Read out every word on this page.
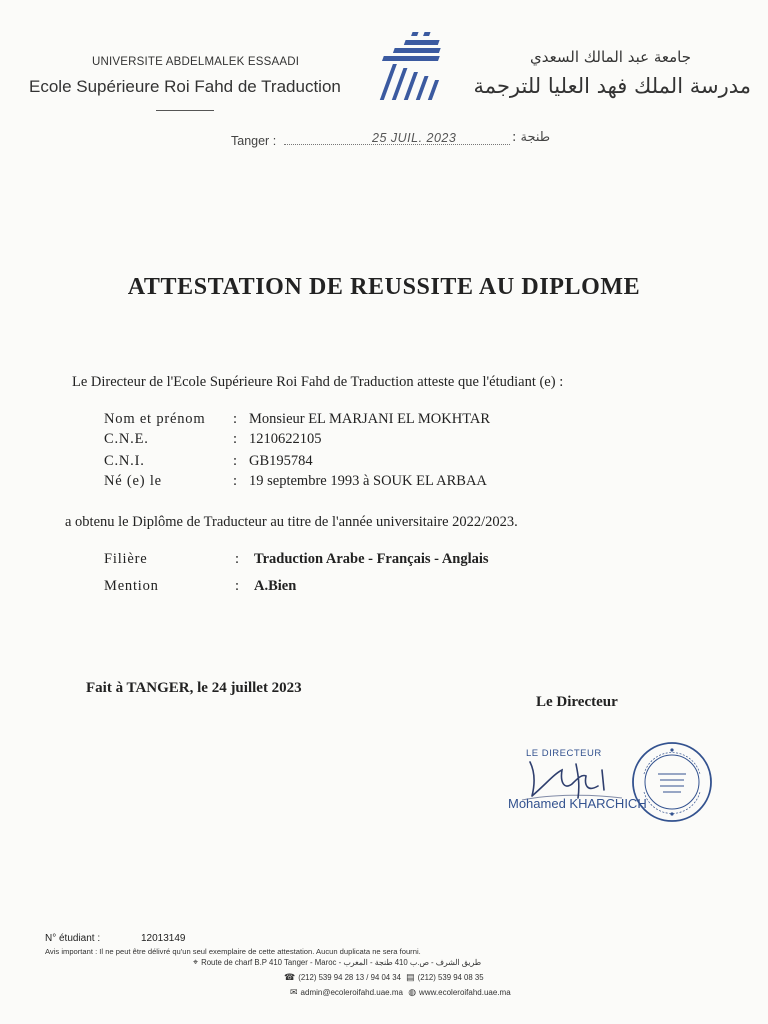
UNIVERSITE ABDELMALEK ESSAADI
Ecole Supérieure Roi Fahd de Traduction
جامعة عبد المالك السعدي
مدرسة الملك فهد العليا للترجمة
Tanger :	25 JUIL. 2023	: طنجة
ATTESTATION DE REUSSITE AU DIPLOME
Le Directeur de l'Ecole Supérieure Roi Fahd de Traduction atteste que l'étudiant (e) :
Nom et prénom : Monsieur EL MARJANI EL MOKHTAR
C.N.E.	: 1210622105
C.N.I.	: GB195784
Né (e) le	: 19 septembre 1993 à SOUK EL ARBAA
a obtenu le Diplôme de Traducteur au titre de l'année universitaire 2022/2023.
Filière	: Traduction Arabe - Français - Anglais
Mention	: A.Bien
Fait à TANGER, le 24 juillet 2023
Le Directeur
LE DIRECTEUR
Mohamed KHARCHICH
N° étudiant :	12013149
Avis important : Il ne peut être délivré qu'un seul exemplaire de cette attestation. Aucun duplicata ne sera fourni.
⌖ Route de charf B.P 410 Tanger - Maroc - طريق الشرف - ص.ب 410 طنجة - المغرب
☎ (212) 539 94 28 13 / 94 04 34 ▤ (212) 539 94 08 35
✉ admin@ecoleroifahd.uae.ma ◍ www.ecoleroifahd.uae.ma
